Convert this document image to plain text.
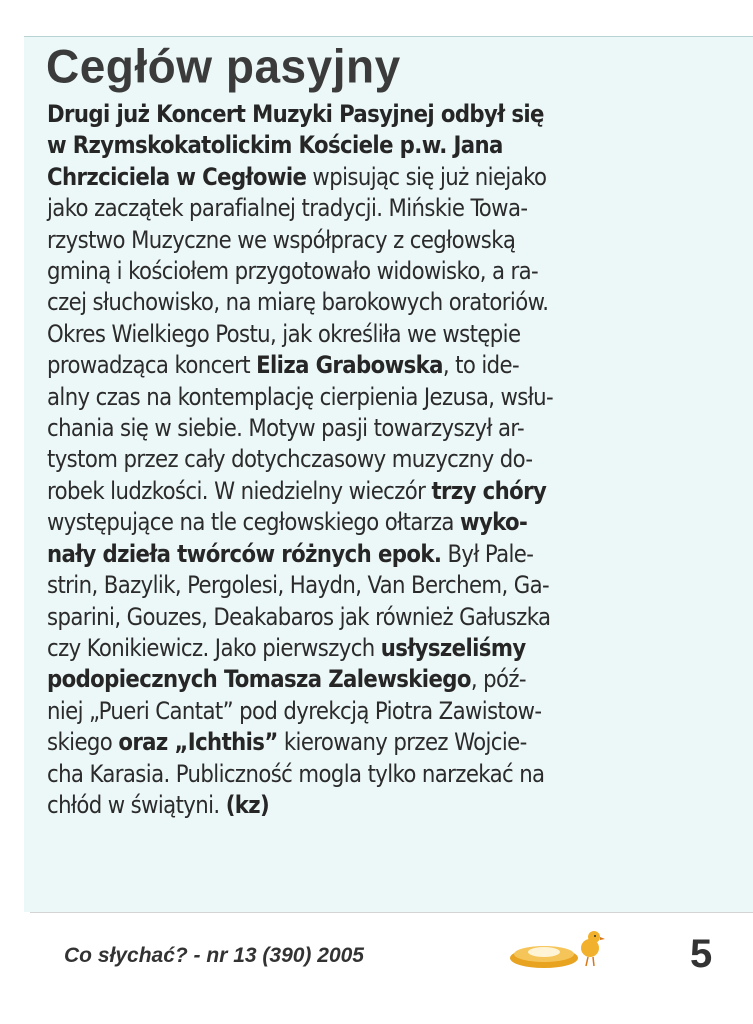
Cegłów pasyjny
Drugi już Koncert Muzyki Pasyjnej odbył się
w Rzymskokatolickim Kościele p.w. Jana
Chrzciciela w Cegłowie wpisując się już niejako
jako zaczątek parafialnej tradycji. Mińskie Towa-
rzystwo Muzyczne we współpracy z cegłowską
gminą i kościołem przygotowało widowisko, a ra-
czej słuchowisko, na miarę barokowych oratoriów.
Okres Wielkiego Postu, jak określiła we wstępie
prowadząca koncert Eliza Grabowska, to ide-
alny czas na kontemplację cierpienia Jezusa, wsłu-
chania się w siebie. Motyw pasji towarzyszył ar-
tystom przez cały dotychczasowy muzyczny do-
robek ludzkości. W niedzielny wieczór trzy chóry
występujące na tle cegłowskiego ołtarza wyko-
nały dzieła twórców różnych epok. Był Pale-
strin, Bazylik, Pergolesi, Haydn, Van Berchem, Ga-
sparini, Gouzes, Deakabaros jak również Gałuszka
czy Konikiewicz. Jako pierwszych usłyszeliśmy
podopiecznych Tomasza Zalewskiego, póź-
niej „Pueri Cantat” pod dyrekcją Piotra Zawistow-
skiego oraz „Ichthis” kierowany przez Wojcie-
cha Karasia. Publiczność mogla tylko narzekać na
chłód w świątyni. (kz)
Co słychać? - nr 13 (390) 2005	5
